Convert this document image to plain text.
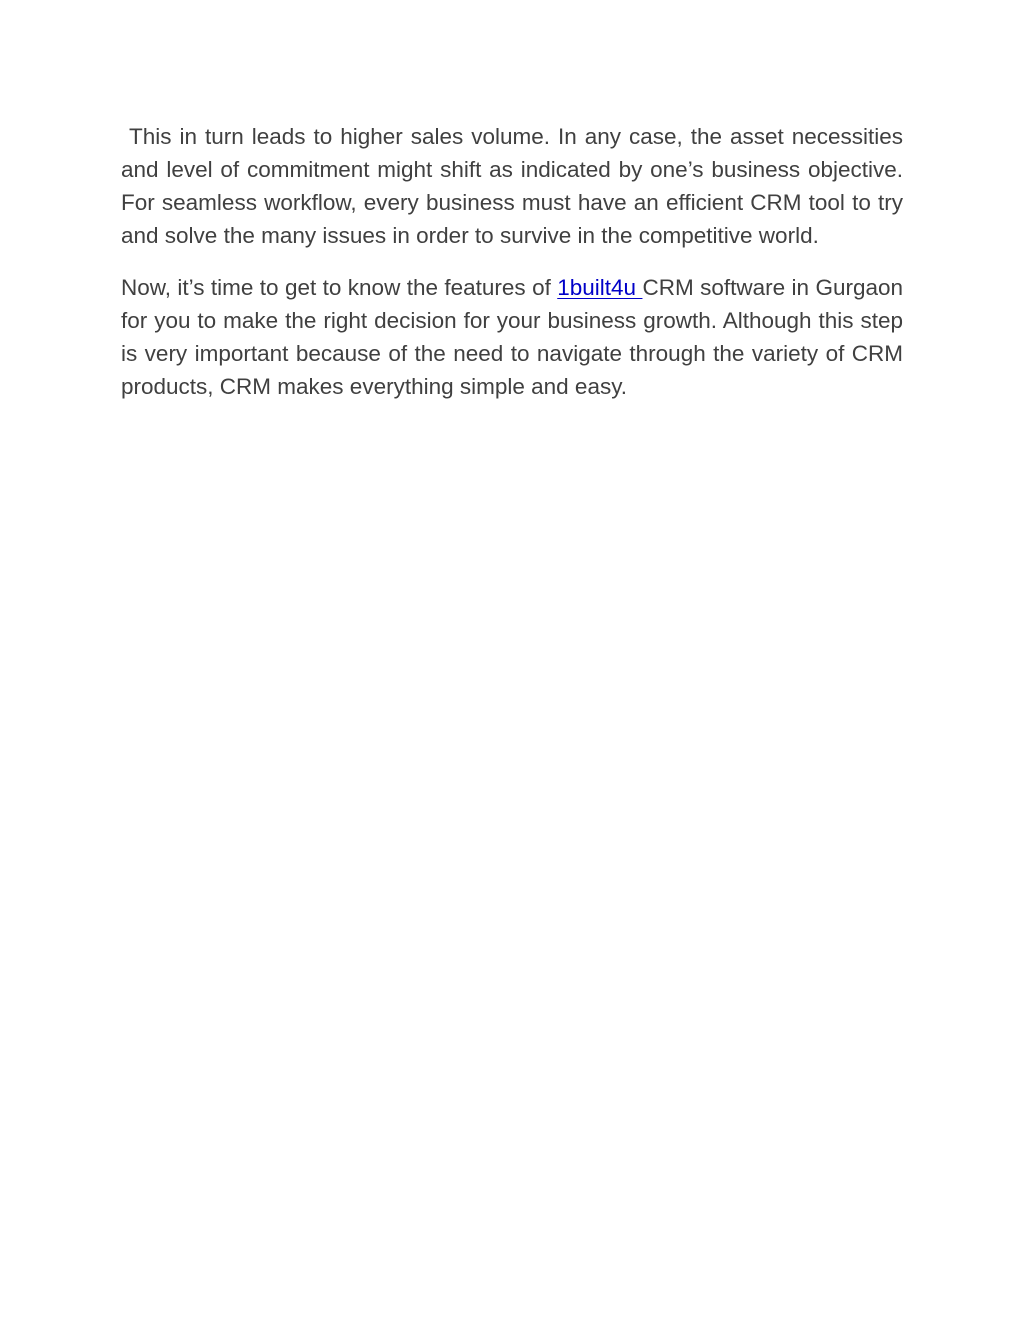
This in turn leads to higher sales volume. In any case, the asset necessities and level of commitment might shift as indicated by one’s business objective. For seamless workflow, every business must have an efficient CRM tool to try and solve the many issues in order to survive in the competitive world.

Now, it’s time to get to know the features of 1built4u CRM software in Gurgaon for you to make the right decision for your business growth. Although this step is very important because of the need to navigate through the variety of CRM products, CRM makes everything simple and easy.
